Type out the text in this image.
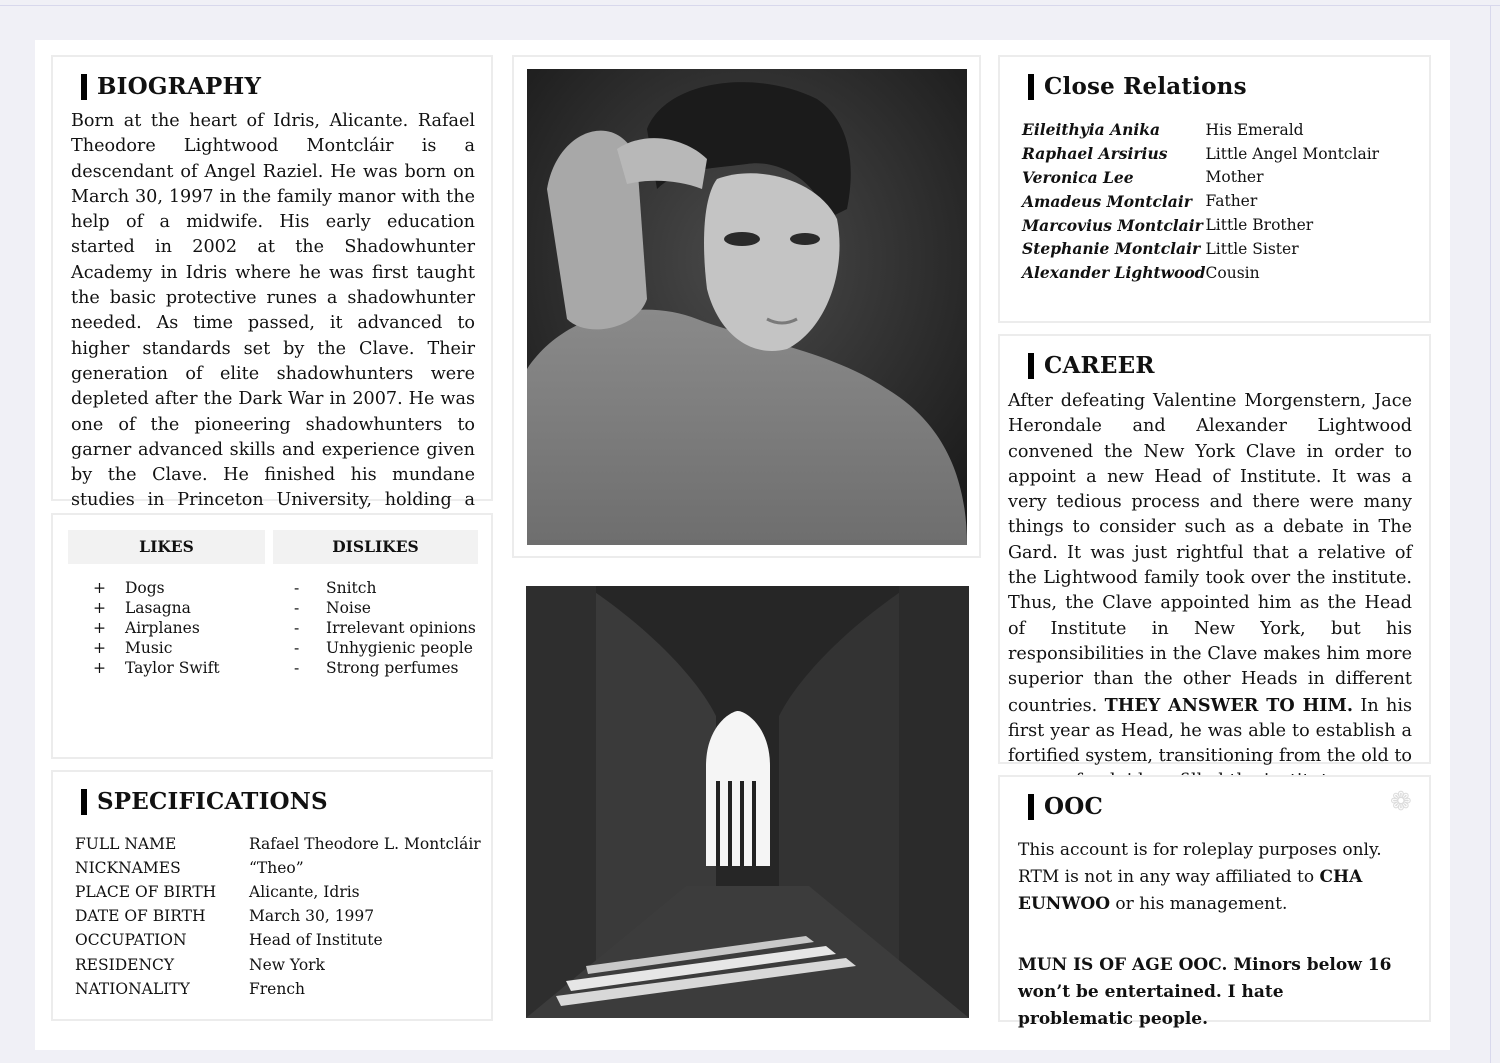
BIOGRAPHY
Born at the heart of Idris, Alicante. Rafael Theodore Lightwood Montcláir is a descendant of Angel Raziel. He was born on March 30, 1997 in the family manor with the help of a midwife. His early education started in 2002 at the Shadowhunter Academy in Idris where he was first taught the basic protective runes a shadowhunter needed. As time passed, it advanced to higher standards set by the Clave. Their generation of elite shadowhunters were depleted after the Dark War in 2007. He was one of the pioneering shadowhunters to garner advanced skills and experience given by the Clave. He finished his mundane studies in Princeton University, holding a
LIKES	DISLIKES
+ Dogs
+ Lasagna
+ Airplanes
+ Music
+ Taylor Swift
- Snitch
- Noise
- Irrelevant opinions
- Unhygienic people
- Strong perfumes
SPECIFICATIONS
FULL NAME	Rafael Theodore L. Montcláir
NICKNAMES	“Theo”
PLACE OF BIRTH	Alicante, Idris
DATE OF BIRTH	March 30, 1997
OCCUPATION	Head of Institute
RESIDENCY	New York
NATIONALITY	French
Close Relations
Eileithyia Anika	His Emerald
Raphael Arsirius	Little Angel Montclair
Veronica Lee	Mother
Amadeus Montclair	Father
Marcovius Montclair	Little Brother
Stephanie Montclair	Little Sister
Alexander Lightwood	Cousin
CAREER
After defeating Valentine Morgenstern, Jace Herondale and Alexander Lightwood convened the New York Clave in order to appoint a new Head of Institute. It was a very tedious process and there were many things to consider such as a debate in The Gard. It was just rightful that a relative of the Lightwood family took over the institute. Thus, the Clave appointed him as the Head of Institute in New York, but his responsibilities in the Clave makes him more superior than the other Heads in different countries. THEY ANSWER TO HIM. In his first year as Head, he was able to establish a fortified system, transitioning from the old to
OOC	❁

This account is for roleplay purposes only. RTM is not in any way affiliated to CHA EUNWOO or his management.

MUN IS OF AGE OOC. Minors below 16 won’t be entertained. I hate problematic people.
